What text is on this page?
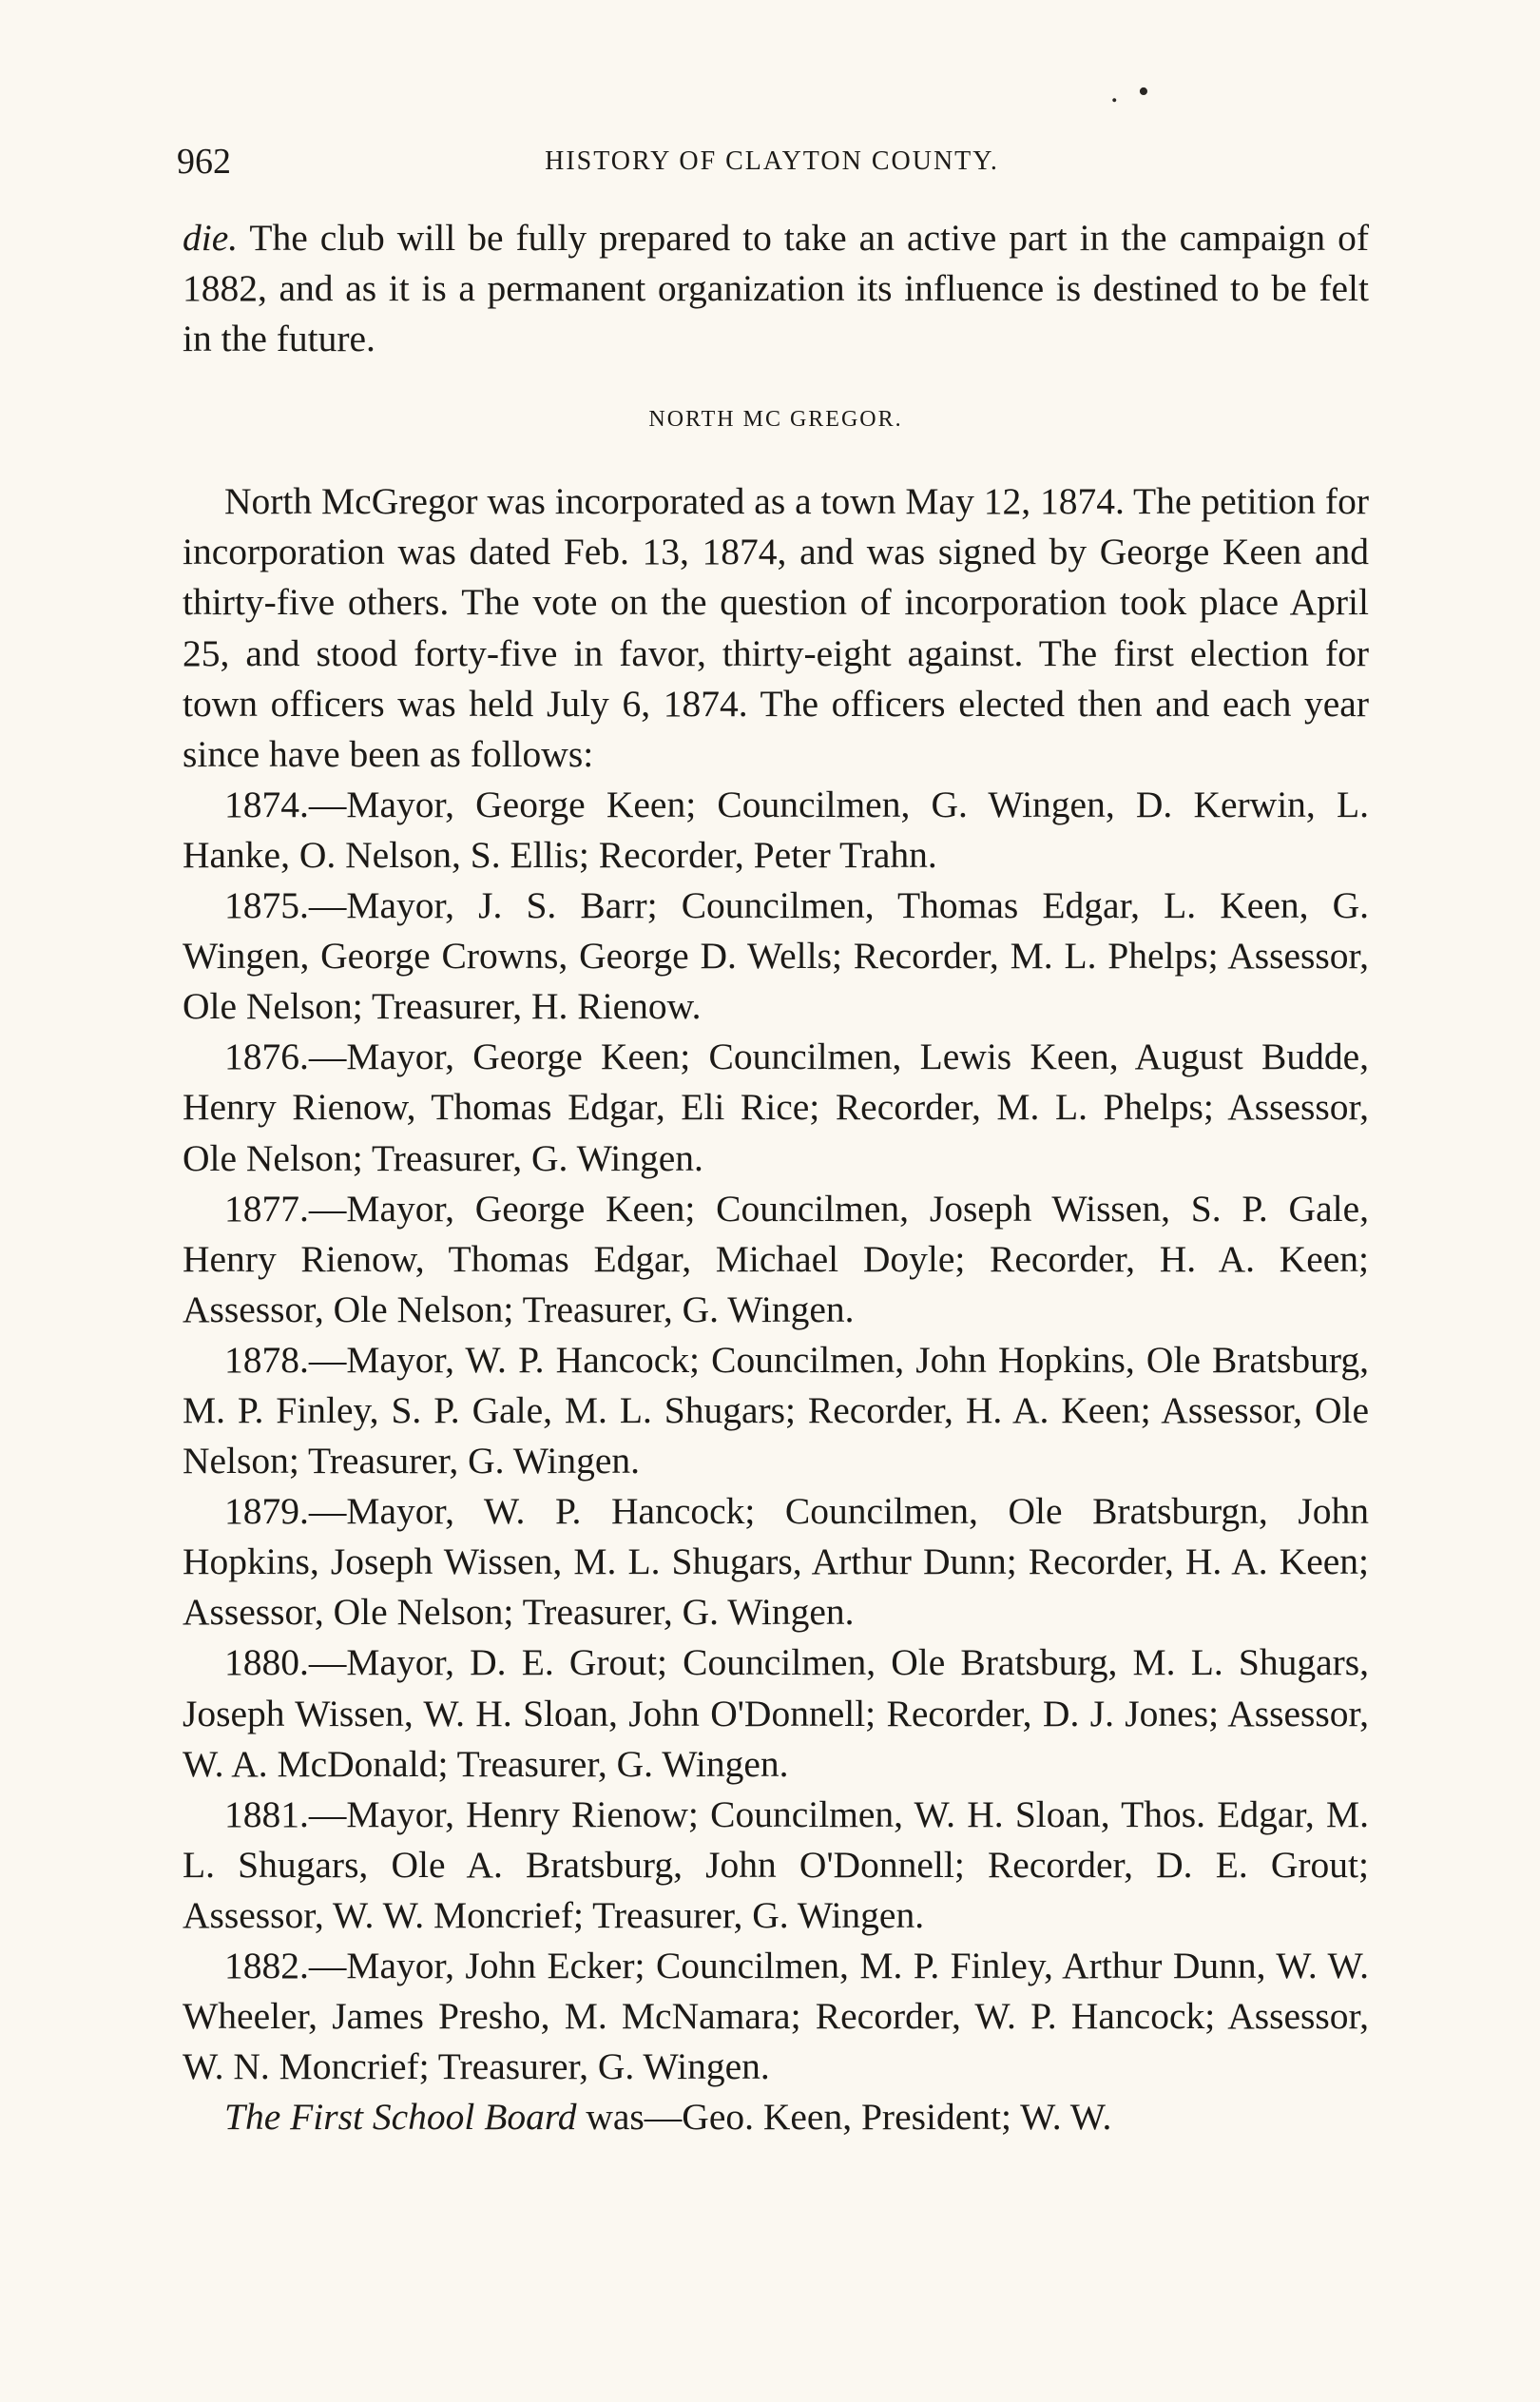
. •
962	HISTORY OF CLAYTON COUNTY.

die. The club will be fully prepared to take an active part in the campaign of 1882, and as it is a permanent organization its influence is destined to be felt in the future.

NORTH MC GREGOR.

North McGregor was incorporated as a town May 12, 1874. The petition for incorporation was dated Feb. 13, 1874, and was signed by George Keen and thirty-five others. The vote on the question of incorporation took place April 25, and stood forty-five in favor, thirty-eight against. The first election for town officers was held July 6, 1874. The officers elected then and each year since have been as follows:

1874.—Mayor, George Keen; Councilmen, G. Wingen, D. Kerwin, L. Hanke, O. Nelson, S. Ellis; Recorder, Peter Trahn.

1875.—Mayor, J. S. Barr; Councilmen, Thomas Edgar, L. Keen, G. Wingen, George Crowns, George D. Wells; Recorder, M. L. Phelps; Assessor, Ole Nelson; Treasurer, H. Rienow.

1876.—Mayor, George Keen; Councilmen, Lewis Keen, August Budde, Henry Rienow, Thomas Edgar, Eli Rice; Recorder, M. L. Phelps; Assessor, Ole Nelson; Treasurer, G. Wingen.

1877.—Mayor, George Keen; Councilmen, Joseph Wissen, S. P. Gale, Henry Rienow, Thomas Edgar, Michael Doyle; Recorder, H. A. Keen; Assessor, Ole Nelson; Treasurer, G. Wingen.

1878.—Mayor, W. P. Hancock; Councilmen, John Hopkins, Ole Bratsburg, M. P. Finley, S. P. Gale, M. L. Shugars; Recorder, H. A. Keen; Assessor, Ole Nelson; Treasurer, G. Wingen.

1879.—Mayor, W. P. Hancock; Councilmen, Ole Bratsburgn, John Hopkins, Joseph Wissen, M. L. Shugars, Arthur Dunn; Recorder, H. A. Keen; Assessor, Ole Nelson; Treasurer, G. Wingen.

1880.—Mayor, D. E. Grout; Councilmen, Ole Bratsburg, M. L. Shugars, Joseph Wissen, W. H. Sloan, John O'Donnell; Recorder, D. J. Jones; Assessor, W. A. McDonald; Treasurer, G. Wingen.

1881.—Mayor, Henry Rienow; Councilmen, W. H. Sloan, Thos. Edgar, M. L. Shugars, Ole A. Bratsburg, John O'Donnell; Recorder, D. E. Grout; Assessor, W. W. Moncrief; Treasurer, G. Wingen.

1882.—Mayor, John Ecker; Councilmen, M. P. Finley, Arthur Dunn, W. W. Wheeler, James Presho, M. McNamara; Recorder, W. P. Hancock; Assessor, W. N. Moncrief; Treasurer, G. Wingen.

The First School Board was—Geo. Keen, President; W. W.
